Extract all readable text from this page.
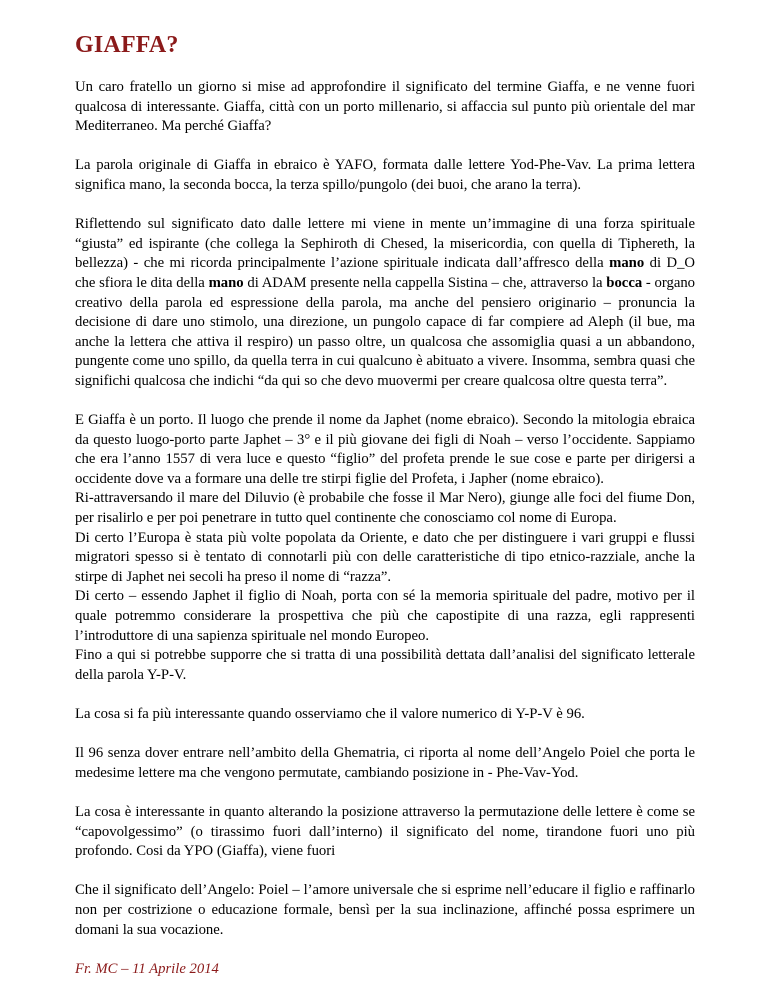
GIAFFA?

Un caro fratello un giorno si mise ad approfondire il significato del termine Giaffa, e ne venne fuori qualcosa di interessante. Giaffa, città con un porto millenario, si affaccia sul punto più orientale del mar Mediterraneo. Ma perché Giaffa?

La parola originale di Giaffa in ebraico è YAFO, formata dalle lettere Yod-Phe-Vav. La prima lettera significa mano, la seconda bocca, la terza spillo/pungolo (dei buoi, che arano la terra).

Riflettendo sul significato dato dalle lettere mi viene in mente un’immagine di una forza spirituale “giusta” ed ispirante (che collega la Sephiroth di Chesed, la misericordia, con quella di Tiphereth, la bellezza) - che mi ricorda principalmente l’azione spirituale indicata dall’affresco della mano di D_O che sfiora le dita della mano di ADAM presente nella cappella Sistina – che, attraverso la bocca - organo creativo della parola ed espressione della parola, ma anche del pensiero originario – pronuncia la decisione di dare uno stimolo, una direzione, un pungolo capace di far compiere ad Aleph (il bue, ma anche la lettera che attiva il respiro) un passo oltre, un qualcosa che assomiglia quasi a un abbandono, pungente come uno spillo, da quella terra in cui qualcuno è abituato a vivere. Insomma, sembra quasi che significhi qualcosa che indichi “da qui so che devo muovermi per creare qualcosa oltre questa terra”.

E Giaffa è un porto. Il luogo che prende il nome da Japhet (nome ebraico). Secondo la mitologia ebraica da questo luogo-porto parte Japhet – 3° e il più giovane dei figli di Noah – verso l’occidente. Sappiamo che era l’anno 1557 di vera luce e questo “figlio” del profeta prende le sue cose e parte per dirigersi a occidente dove va a formare una delle tre stirpi figlie del Profeta, i Japher (nome ebraico).

Ri-attraversando il mare del Diluvio (è probabile che fosse il Mar Nero), giunge alle foci del fiume Don, per risalirlo e per poi penetrare in tutto quel continente che conosciamo col nome di Europa.

Di certo l’Europa è stata più volte popolata da Oriente, e dato che per distinguere i vari gruppi e flussi migratori spesso si è tentato di connotarli più con delle caratteristiche di tipo etnico-razziale, anche la stirpe di Japhet nei secoli ha preso il nome di “razza”.

Di certo – essendo Japhet il figlio di Noah, porta con sé la memoria spirituale del padre, motivo per il quale potremmo considerare la prospettiva che più che capostipite di una razza, egli rappresenti l’introduttore di una sapienza spirituale nel mondo Europeo.

Fino a qui si potrebbe supporre che si tratta di una possibilità dettata dall’analisi del significato letterale della parola Y-P-V.

La cosa si fa più interessante quando osserviamo che il valore numerico di Y-P-V è 96.

Il 96 senza dover entrare nell’ambito della Ghematria, ci riporta al nome dell’Angelo Poiel che porta le medesime lettere ma che vengono permutate, cambiando posizione in - Phe-Vav-Yod.

La cosa è interessante in quanto alterando la posizione attraverso la permutazione delle lettere è come se “capovolgessimo” (o tirassimo fuori dall’interno) il significato del nome, tirandone fuori uno più profondo. Cosi da YPO (Giaffa), viene fuori

Che il significato dell’Angelo: Poiel – l’amore universale che si esprime nell’educare il figlio e raffinarlo non per costrizione o educazione formale, bensì per la sua inclinazione, affinché possa esprimere un domani la sua vocazione.

Fr. MC – 11 Aprile 2014
